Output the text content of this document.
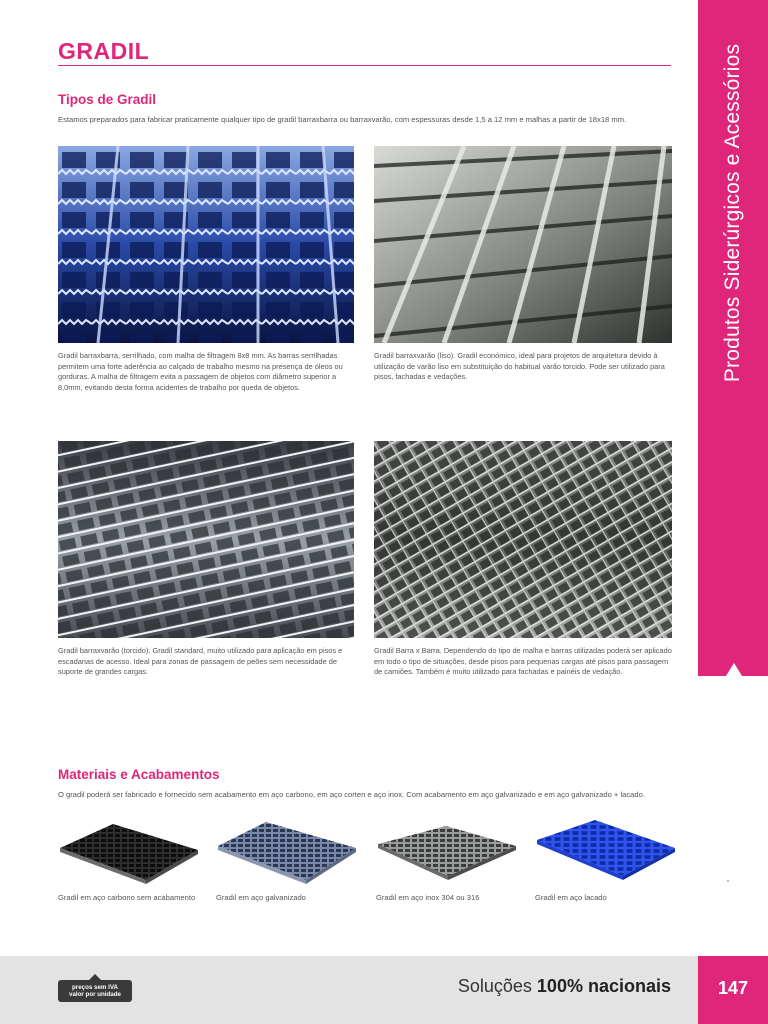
Produtos Siderúrgicos e Acessórios
GRADIL
Tipos de Gradil
Estamos preparados para fabricar praticamente qualquer tipo de gradil barraxbarra ou barraxvarão, com espessuras desde 1,5 a 12 mm e malhas a partir de 18x18 mm.
Gradil barraxbarra, serrilhado, com malha de filtragem 8x8 mm. As barras serrilhadas permitem uma forte aderência ao calçado de trabalho mesmo na presença de óleos ou gorduras. A malha de filtragem evita a passagem de objetos com diâmetro superior a 8,0mm, evitando desta forma acidentes de trabalho por queda de objetos.
Gradil barraxvarão (liso). Gradil económico, ideal para projetos de arquitetura devido à utilização de varão liso em substituição do habitual varão torcido. Pode ser utilizado para pisos, fachadas e vedações.
Gradil barraxvarão (torcido). Gradil standard, muito utilizado para aplicação em pisos e escadarias de acesso. Ideal para zonas de passagem de peões sem necessidade de suporte de grandes cargas.
Gradil Barra x Barra. Dependendo do tipo de malha e barras utilizadas poderá ser aplicado em todo o tipo de situações, desde pisos para pequenas cargas até pisos para passagem de camiões. Também é muito utilizado para fachadas e painéis de vedação.
Materiais e Acabamentos
O gradil poderá ser fabricado e fornecido sem acabamento em aço carbono, em aço corten e aço inox. Com acabamento em aço galvanizado e em aço galvanizado + lacado.
Gradil em aço carbono sem acabamento	Gradil em aço galvanizado	Gradil em aço inox 304 ou 316	Gradil em aço lacado
preços sem IVA
valor por unidade	Soluções 100% nacionais	147
